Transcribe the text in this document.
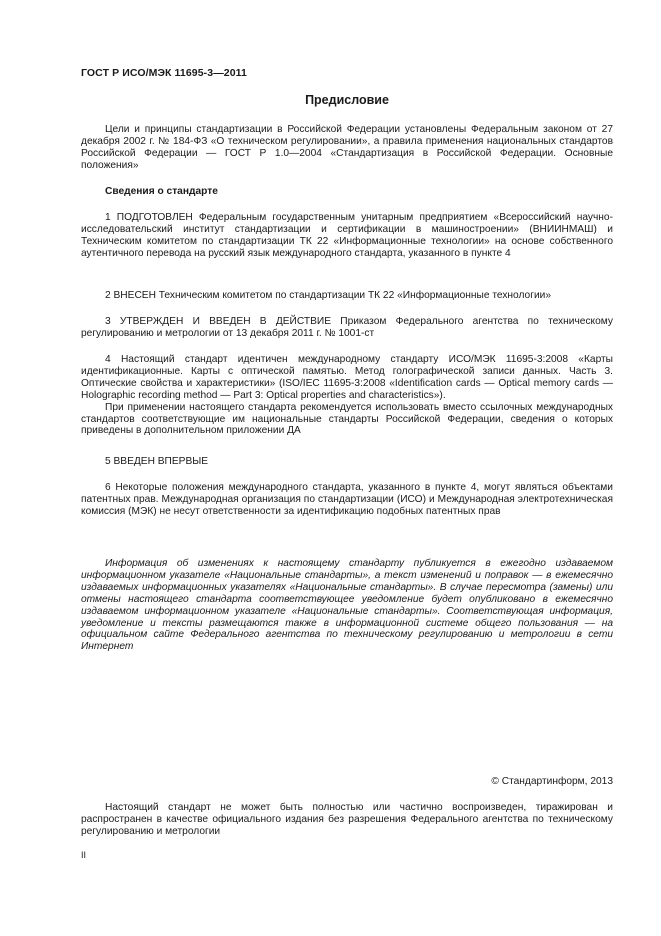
ГОСТ Р ИСО/МЭК 11695-3—2011
Предисловие
Цели и принципы стандартизации в Российской Федерации установлены Федеральным законом от 27 декабря 2002 г. № 184-ФЗ «О техническом регулировании», а правила применения национальных стандартов Российской Федерации — ГОСТ Р 1.0—2004 «Стандартизация в Российской Федерации. Основные положения»
Сведения о стандарте
1 ПОДГОТОВЛЕН Федеральным государственным унитарным предприятием «Всероссийский научно-исследовательский институт стандартизации и сертификации в машиностроении» (ВНИИНМАШ) и Техническим комитетом по стандартизации ТК 22 «Информационные технологии» на основе собственного аутентичного перевода на русский язык международного стандарта, указанного в пункте 4
2 ВНЕСЕН Техническим комитетом по стандартизации ТК 22 «Информационные технологии»
3 УТВЕРЖДЕН И ВВЕДЕН В ДЕЙСТВИЕ Приказом Федерального агентства по техническому регулированию и метрологии от 13 декабря 2011 г. № 1001-ст

4 Настоящий стандарт идентичен международному стандарту ИСО/МЭК 11695-3:2008 «Карты идентификационные. Карты с оптической памятью. Метод голографической записи данных. Часть 3. Оптические свойства и характеристики» (ISO/IEC 11695-3:2008 «Identification cards — Optical memory cards — Holographic recording method — Part 3: Optical properties and characteristics»).

При применении настоящего стандарта рекомендуется использовать вместо ссылочных международных стандартов соответствующие им национальные стандарты Российской Федерации, сведения о которых приведены в дополнительном приложении ДА

5 ВВЕДЕН ВПЕРВЫЕ
6 Некоторые положения международного стандарта, указанного в пункте 4, могут являться объектами патентных прав. Международная организация по стандартизации (ИСО) и Международная электротехническая комиссия (МЭК) не несут ответственности за идентификацию подобных патентных прав
Информация об изменениях к настоящему стандарту публикуется в ежегодно издаваемом информационном указателе «Национальные стандарты», а текст изменений и поправок — в ежемесячно издаваемых информационных указателях «Национальные стандарты». В случае пересмотра (замены) или отмены настоящего стандарта соответствующее уведомление будет опубликовано в ежемесячно издаваемом информационном указателе «Национальные стандарты». Соответствующая информация, уведомление и тексты размещаются также в информационной системе общего пользования — на официальном сайте Федерального агентства по техническому регулированию и метрологии в сети Интернет
© Стандартинформ, 2013
Настоящий стандарт не может быть полностью или частично воспроизведен, тиражирован и распространен в качестве официального издания без разрешения Федерального агентства по техническому регулированию и метрологии
II
